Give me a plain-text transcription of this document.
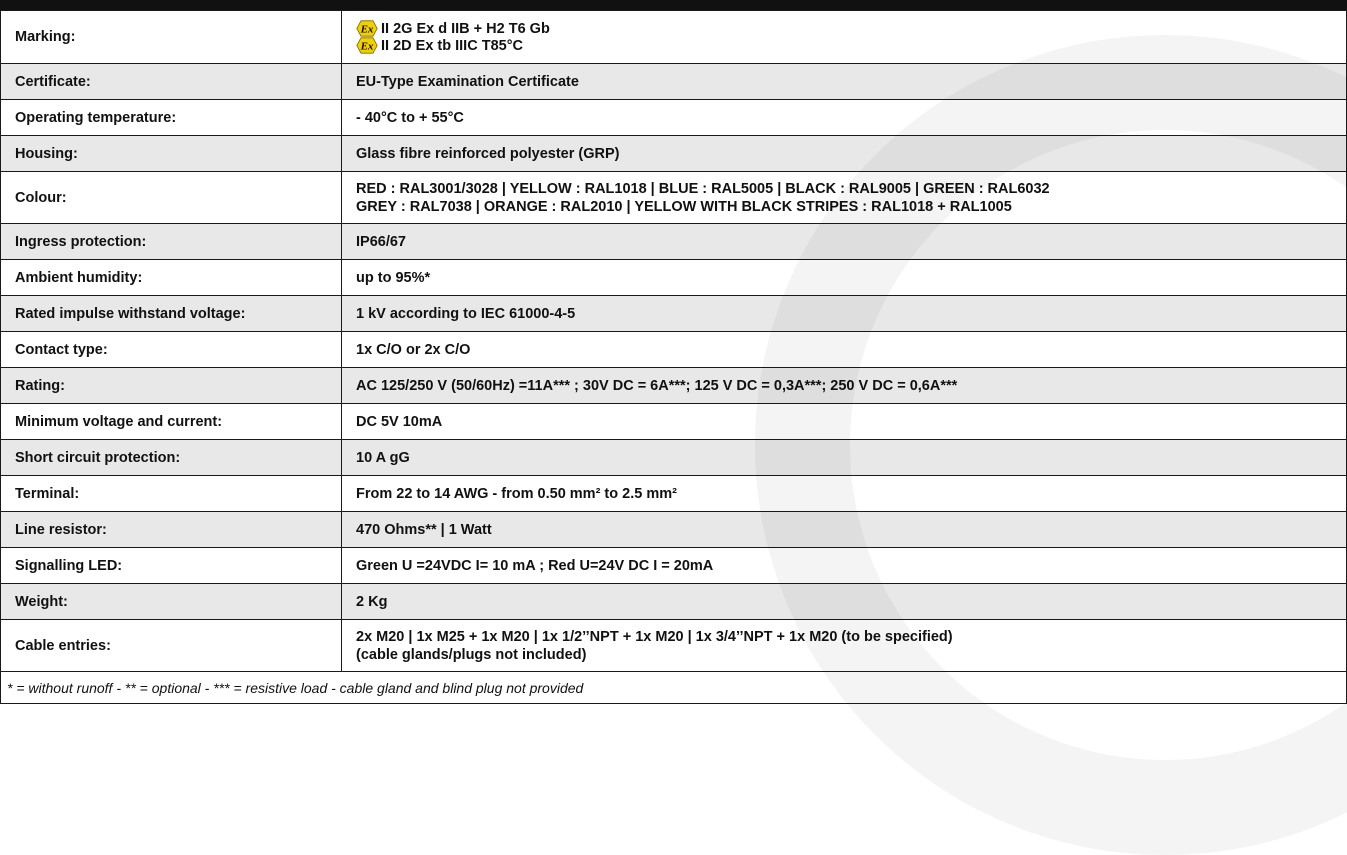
Marking:	Ex II 2G Ex d IIB + H2 T6 Gb
Ex II 2D Ex tb IIIC T85°C

Certificate:	EU-Type Examination Certificate
Operating temperature:	- 40°C to + 55°C
Housing:	Glass fibre reinforced polyester (GRP)
Colour:	RED : RAL3001/3028 | YELLOW : RAL1018 | BLUE : RAL5005 | BLACK : RAL9005 | GREEN : RAL6032
GREY : RAL7038 | ORANGE : RAL2010 | YELLOW WITH BLACK STRIPES : RAL1018 + RAL1005

Ingress protection:	IP66/67
Ambient humidity:	up to 95%*
Rated impulse withstand voltage:	1 kV according to IEC 61000-4-5
Contact type:	1x C/O or 2x C/O
Rating:	AC 125/250 V (50/60Hz) =11A*** ; 30V DC = 6A***; 125 V DC = 0,3A***; 250 V DC = 0,6A***
Minimum voltage and current:	DC 5V 10mA
Short circuit protection:	10 A gG
Terminal:	From 22 to 14 AWG - from 0.50 mm² to 2.5 mm²
Line resistor:	470 Ohms** | 1 Watt
Signalling LED:	Green U =24VDC I= 10 mA ; Red U=24V DC I = 20mA
Weight:	2 Kg
Cable entries:	2x M20 | 1x M25 + 1x M20 | 1x 1/2’’NPT + 1x M20 | 1x 3/4’’NPT + 1x M20 (to be specified)
(cable glands/plugs not included)

* = without runoff - ** = optional - *** = resistive load - cable gland and blind plug not provided	
